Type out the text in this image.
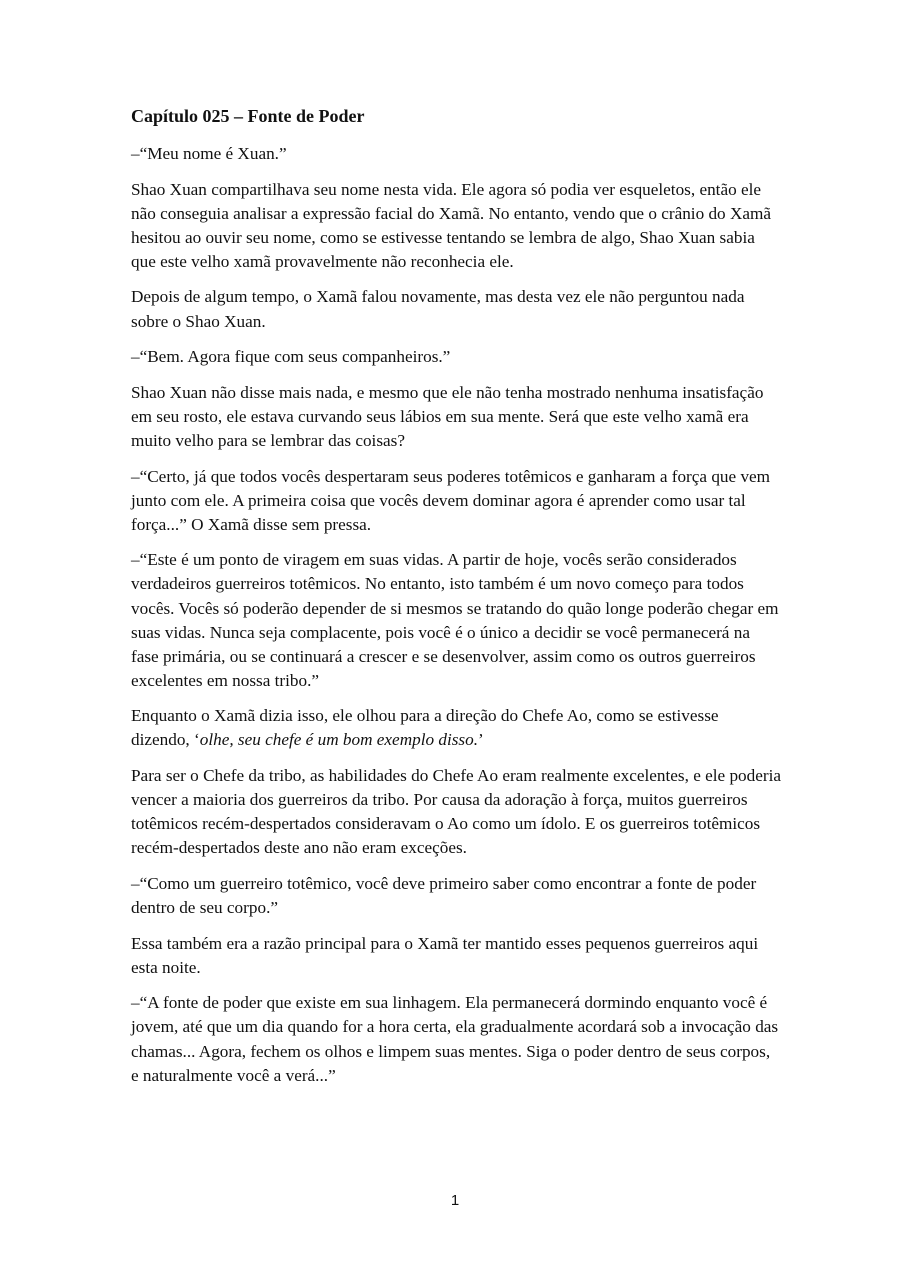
Capítulo 025 – Fonte de Poder

–“Meu nome é Xuan.”

Shao Xuan compartilhava seu nome nesta vida. Ele agora só podia ver esqueletos, então ele não conseguia analisar a expressão facial do Xamã. No entanto, vendo que o crânio do Xamã hesitou ao ouvir seu nome, como se estivesse tentando se lembra de algo, Shao Xuan sabia que este velho xamã provavelmente não reconhecia ele.

Depois de algum tempo, o Xamã falou novamente, mas desta vez ele não perguntou nada sobre o Shao Xuan.

–“Bem. Agora fique com seus companheiros.”

Shao Xuan não disse mais nada, e mesmo que ele não tenha mostrado nenhuma insatisfação em seu rosto, ele estava curvando seus lábios em sua mente. Será que este velho xamã era muito velho para se lembrar das coisas?

–“Certo, já que todos vocês despertaram seus poderes totêmicos e ganharam a força que vem junto com ele. A primeira coisa que vocês devem dominar agora é aprender como usar tal força...” O Xamã disse sem pressa.

–“Este é um ponto de viragem em suas vidas. A partir de hoje, vocês serão considerados verdadeiros guerreiros totêmicos. No entanto, isto também é um novo começo para todos vocês. Vocês só poderão depender de si mesmos se tratando do quão longe poderão chegar em suas vidas. Nunca seja complacente, pois você é o único a decidir se você permanecerá na fase primária, ou se continuará a crescer e se desenvolver, assim como os outros guerreiros excelentes em nossa tribo.”

Enquanto o Xamã dizia isso, ele olhou para a direção do Chefe Ao, como se estivesse dizendo, ‘olhe, seu chefe é um bom exemplo disso.’

Para ser o Chefe da tribo, as habilidades do Chefe Ao eram realmente excelentes, e ele poderia vencer a maioria dos guerreiros da tribo. Por causa da adoração à força, muitos guerreiros totêmicos recém-despertados consideravam o Ao como um ídolo. E os guerreiros totêmicos recém-despertados deste ano não eram exceções.

–“Como um guerreiro totêmico, você deve primeiro saber como encontrar a fonte de poder dentro de seu corpo.”

Essa também era a razão principal para o Xamã ter mantido esses pequenos guerreiros aqui esta noite.

–“A fonte de poder que existe em sua linhagem. Ela permanecerá dormindo enquanto você é jovem, até que um dia quando for a hora certa, ela gradualmente acordará sob a invocação das chamas... Agora, fechem os olhos e limpem suas mentes. Siga o poder dentro de seus corpos, e naturalmente você a verá...”

1
